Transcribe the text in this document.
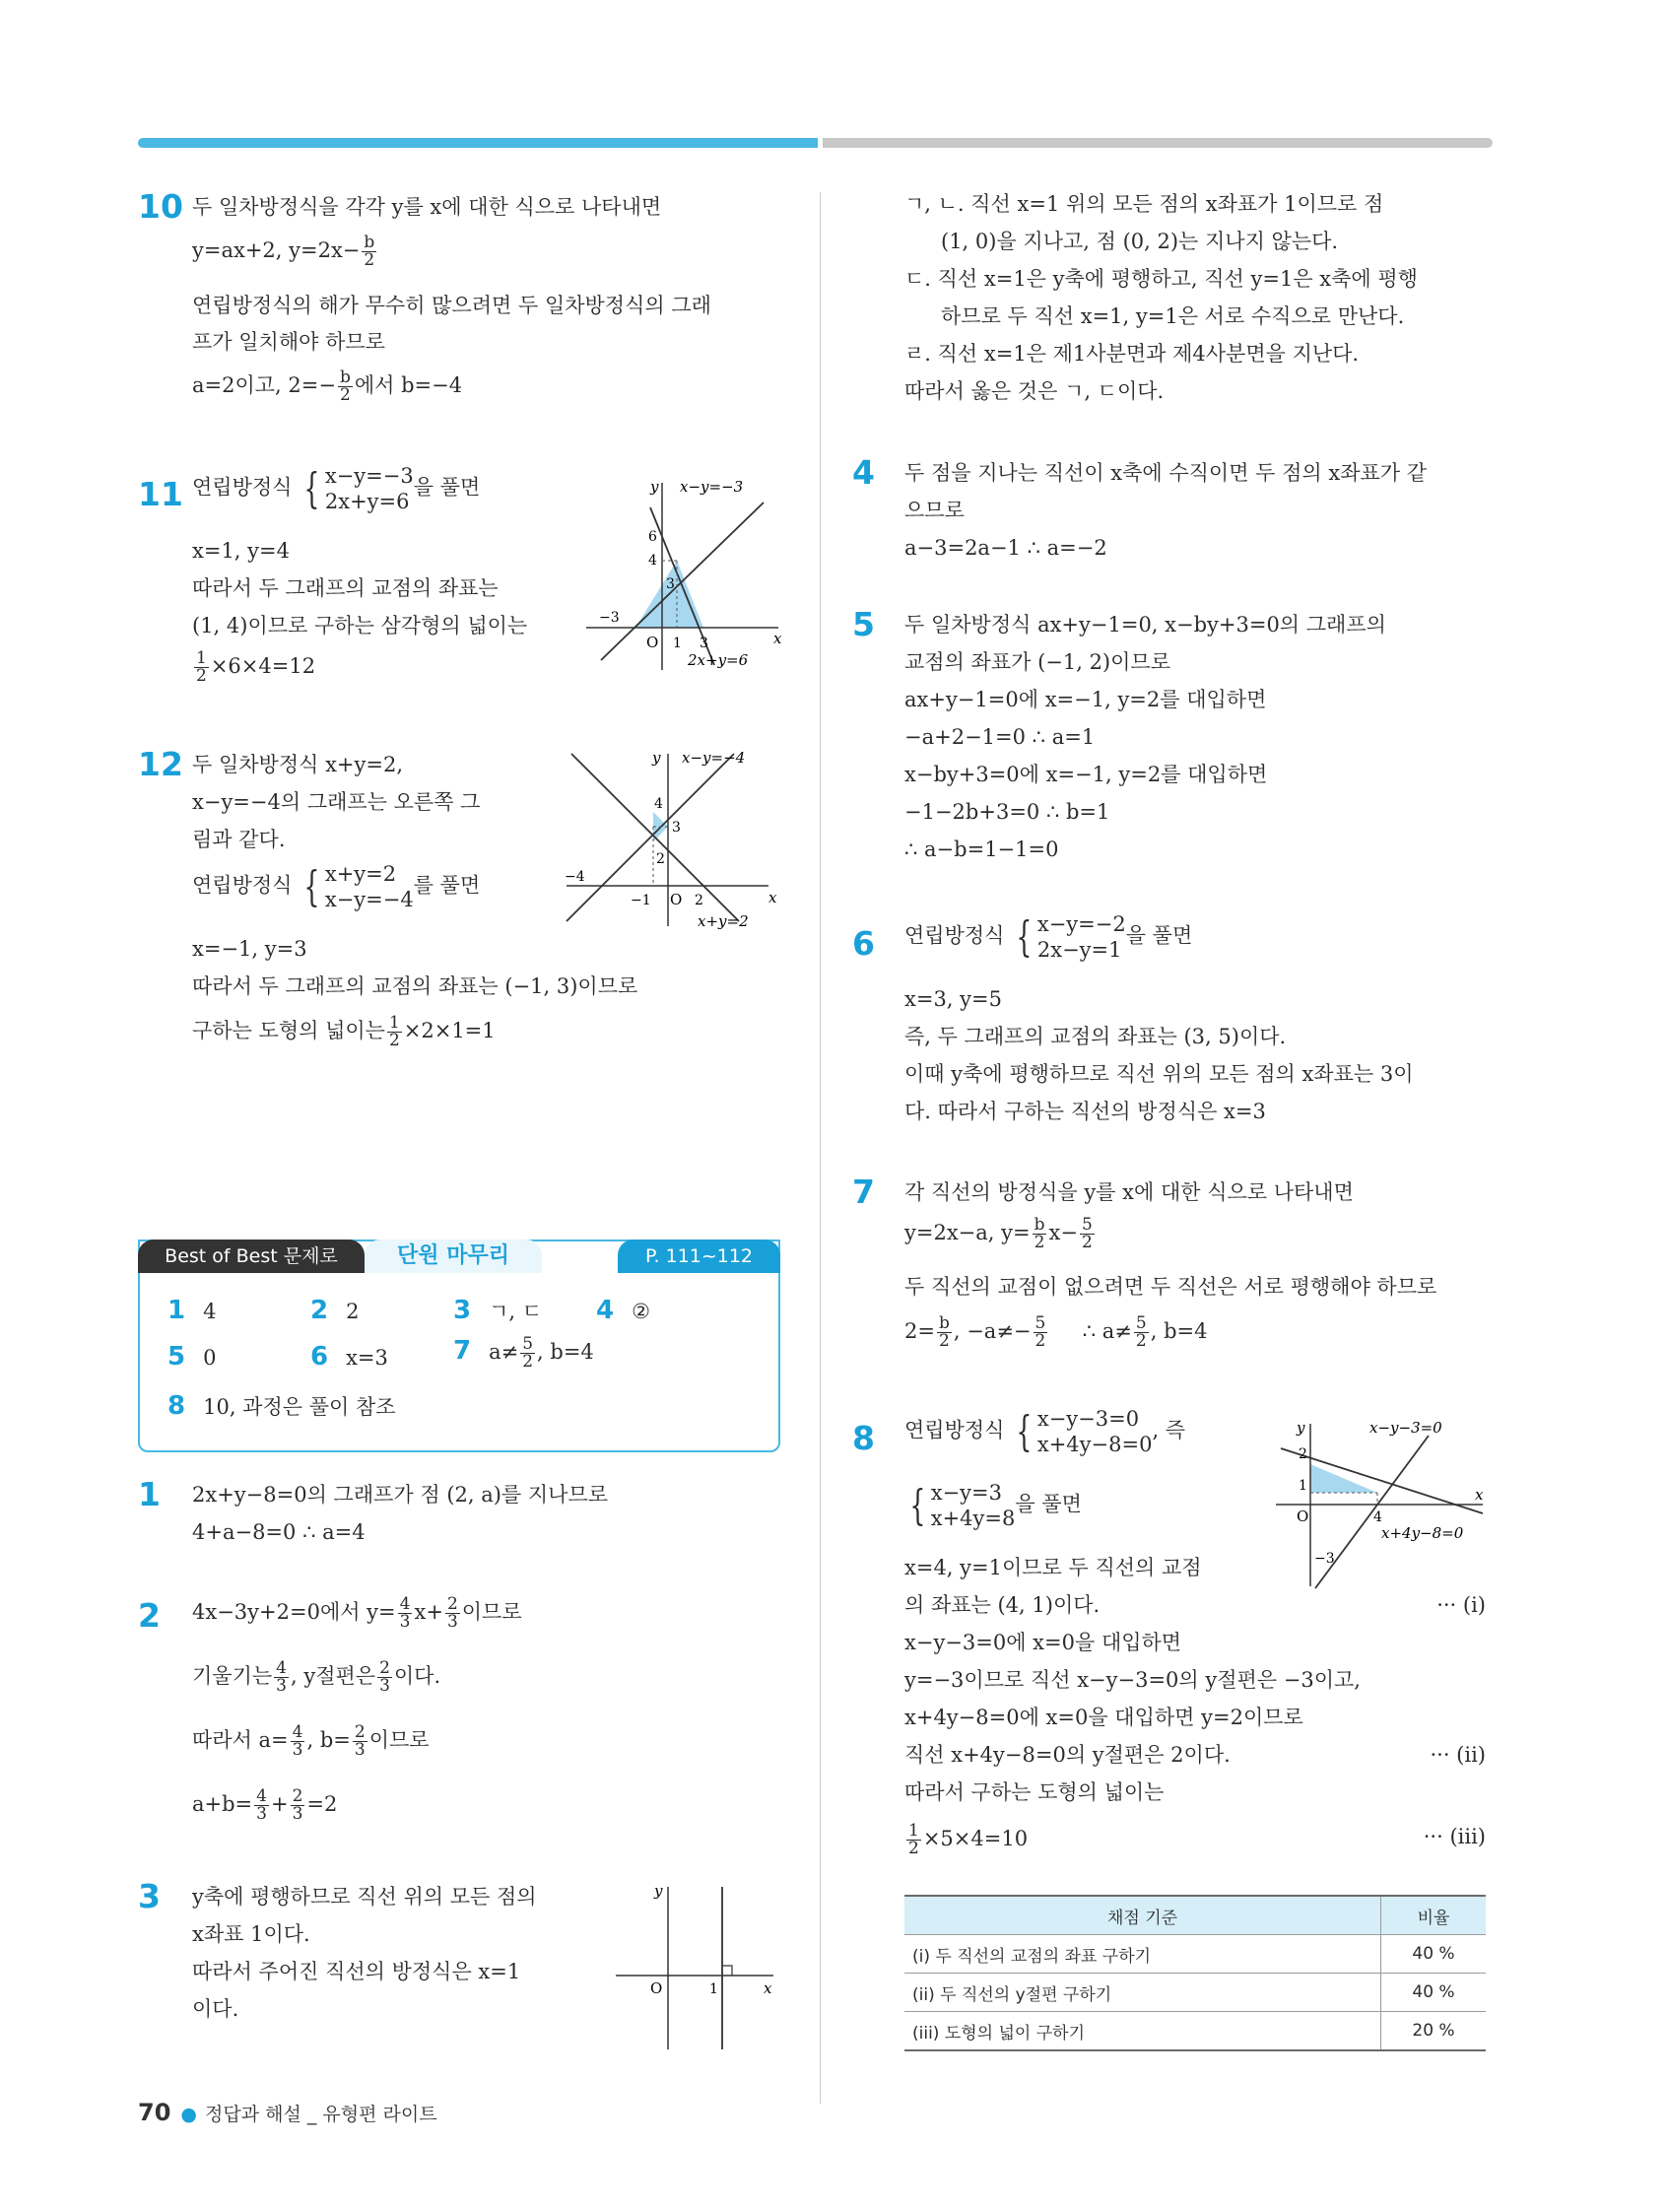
10 두 일차방정식을 각각 y를 x에 대한 식으로 나타내면
y=ax+2, $y=2x- \frac{b}{2}$
연립방정식의 해가 무수히 많으려면 두 일차방정식의 그래
프가 일치해야 하므로
a=2이고, $2=- \frac{b}{2}$ 에서 b=−4
11 연립방정식 { x−y=−3
2x+y=6을 풀면
x=1, y=4
따라서 두 그래프의 교점의 좌표는
(1, 4)이므로 구하는 삼각형의 넓이는
$\frac{1}{2} \times 6\times 4=12$
y x−y=−3
x
O
6
4
3
−3
1 3
2x+y=6
12 두 일차방정식 x+y=2,
x−y=−4의 그래프는 오른쪽 그
림과 같다.
연립방정식 { x+y=2
x−y=−4를 풀면
x=−1, y=3
따라서 두 그래프의 교점의 좌표는 (−1, 3)이므로
구하는 도형의 넓이는 $\frac{1}{2} \times 2\times 1=1$
y x−y=−4
x
O
4
3
2
−4
−1	2
x+y=2
Best of Best 문제로	단원 마무리	P. 111~112
1 4	2 2	3 ㄱ, ㄷ 4 ②
5 0	6 x=3	7 $a\ne \frac{5}{2}$ , b=4
8 10, 과정은 풀이 참조
1 2x+y−8=0의 그래프가 점 (2, a)를 지나므로
4+a−8=0 ∴ a=4
2 4x−3y+2=0에서 $y= \frac{4}{3} x+ \frac{2}{3}$ 이므로
기울기는 $\frac{4}{3}$ , y절편은 $\frac{2}{3}$ 이다.
따라서 $a= \frac{4}{3}$ , $b= \frac{2}{3}$ 이므로
$a+b= \frac{4}{3} + \frac{2}{3} =2$
3 y축에 평행하므로 직선 위의 모든 점의
x좌표 1이다.
따라서 주어진 직선의 방정식은 x=1
이다.
y
x
O	1
ㄱ, ㄴ. 직선 x=1 위의 모든 점의 x좌표가 1이므로 점
(1, 0)을 지나고, 점 (0, 2)는 지나지 않는다.
ㄷ. 직선 x=1은 y축에 평행하고, 직선 y=1은 x축에 평행
하므로 두 직선 x=1, y=1은 서로 수직으로 만난다.
ㄹ. 직선 x=1은 제1사분면과 제4사분면을 지난다.
따라서 옳은 것은 ㄱ, ㄷ이다.
4 두 점을 지나는 직선이 x축에 수직이면 두 점의 x좌표가 같
으므로
a−3=2a−1 ∴ a=−2
5 두 일차방정식 ax+y−1=0, x−by+3=0의 그래프의
교점의 좌표가 (−1, 2)이므로
ax+y−1=0에 x=−1, y=2를 대입하면
−a+2−1=0 ∴ a=1
x−by+3=0에 x=−1, y=2를 대입하면
−1−2b+3=0 ∴ b=1
∴ a−b=1−1=0
6 연립방정식 { x−y=−2
2x−y=1을 풀면
x=3, y=5
즉, 두 그래프의 교점의 좌표는 (3, 5)이다.
이때 y축에 평행하므로 직선 위의 모든 점의 x좌표는 3이
다. 따라서 구하는 직선의 방정식은 x=3
7 각 직선의 방정식을 y를 x에 대한 식으로 나타내면
y=2x−a, $y= \frac{b}{2} x- \frac{5}{2}$
두 직선의 교점이 없으려면 두 직선은 서로 평행해야 하므로
$2= \frac{b}{2}$ , $-a\ne- \frac{5}{2}$ ∴ $a\ne \frac{5}{2}$ , b=4
8 연립방정식 { x−y−3=0
x+4y−8=0, 즉
{ x−y=3
x+4y=8을 풀면
x=4, y=1이므로 두 직선의 교점
의 좌표는 (4, 1)이다.	··· (i)
x−y−3=0에 x=0을 대입하면
y=−3이므로 직선 x−y−3=0의 y절편은 −3이고,
x+4y−8=0에 x=0을 대입하면 y=2이므로
직선 x+4y−8=0의 y절편은 2이다.	··· (ii)
따라서 구하는 도형의 넓이는
$\frac{1}{2} \times 5\times 4=10$	··· (iii)
y	x−y−3=0
x
O
2
1
4
x+4y−8=0
−3
채점 기준	비율
(i) 두 직선의 교점의 좌표 구하기	40 %
(ii) 두 직선의 y절편 구하기	40 %
(iii) 도형의 넓이 구하기	20 %
70 ● 정답과 해설 _ 유형편 라이트
